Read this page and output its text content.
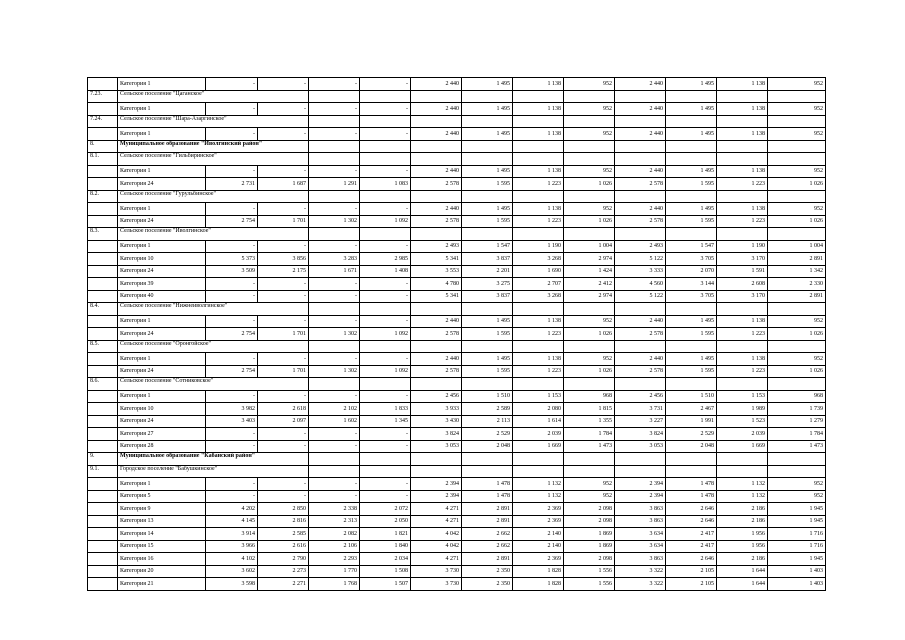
	Категория 1	-	-	-	-	2 440	1 495	1 138	952	2 440	1 495	1 138	952
7.23.	Сельское поселение "Цаганское"												
	Категория 1	-	-	-	-	2 440	1 495	1 138	952	2 440	1 495	1 138	952
7.24.	Сельское поселение "Шара-Азаргинское"												
	Категория 1	-	-	-	-	2 440	1 495	1 138	952	2 440	1 495	1 138	952
8.	Муниципальное образование "Иволгинский район"												
8.1.	Сельское поселение "Гильбиринское"												
	Категория 1	-	-	-	-	2 440	1 495	1 138	952	2 440	1 495	1 138	952
	Категория 24	2 731	1 687	1 291	1 083	2 578	1 595	1 223	1 026	2 578	1 595	1 223	1 026
8.2.	Сельское поселение "Гурульбинское"												
	Категория 1	-	-	-	-	2 440	1 495	1 138	952	2 440	1 495	1 138	952
	Категория 24	2 754	1 701	1 302	1 092	2 578	1 595	1 223	1 026	2 578	1 595	1 223	1 026
8.3.	Сельское поселение "Иволгинское"												
	Категория 1	-	-	-	-	2 493	1 547	1 190	1 004	2 493	1 547	1 190	1 004
	Категория 10	5 373	3 856	3 283	2 985	5 341	3 837	3 268	2 974	5 122	3 705	3 170	2 891
	Категория 24	3 509	2 175	1 671	1 408	3 553	2 201	1 690	1 424	3 333	2 070	1 591	1 342
	Категория 39	-	-	-	-	4 780	3 275	2 707	2 412	4 560	3 144	2 608	2 330
	Категория 40	-	-	-	-	5 341	3 837	3 268	2 974	5 122	3 705	3 170	2 891
8.4.	Сельское поселение "Нижнеиволгинское"												
	Категория 1	-	-	-	-	2 440	1 495	1 138	952	2 440	1 495	1 138	952
	Категория 24	2 754	1 701	1 302	1 092	2 578	1 595	1 223	1 026	2 578	1 595	1 223	1 026
8.5.	Сельское поселение "Оронгойское"												
	Категория 1	-	-	-	-	2 440	1 495	1 138	952	2 440	1 495	1 138	952
	Категория 24	2 754	1 701	1 302	1 092	2 578	1 595	1 223	1 026	2 578	1 595	1 223	1 026
8.6.	Сельское поселение "Сотниковское"												
	Категория 1	-	-	-	-	2 456	1 510	1 153	968	2 456	1 510	1 153	968
	Категория 10	3 982	2 618	2 102	1 833	3 933	2 589	2 080	1 815	3 731	2 467	1 989	1 739
	Категория 24	3 403	2 097	1 602	1 345	3 430	2 113	1 614	1 355	3 227	1 991	1 523	1 279
	Категория 27	-	-	-	-	3 824	2 529	2 039	1 784	3 824	2 529	2 039	1 784
	Категория 28	-	-	-	-	3 053	2 048	1 669	1 473	3 053	2 048	1 669	1 473
9.	Муниципальное образование "Кабанский район"												
9.1.	Городское поселение "Бабушкинское"												
	Категория 1	-	-	-	-	2 394	1 478	1 132	952	2 394	1 478	1 132	952
	Категория 5	-	-	-	-	2 394	1 478	1 132	952	2 394	1 478	1 132	952
	Категория 9	4 202	2 850	2 338	2 072	4 271	2 891	2 369	2 098	3 863	2 646	2 186	1 945
	Категория 13	4 145	2 816	2 313	2 050	4 271	2 891	2 369	2 098	3 863	2 646	2 186	1 945
	Категория 14	3 914	2 585	2 082	1 821	4 042	2 662	2 140	1 869	3 634	2 417	1 956	1 716
	Категория 15	3 966	2 616	2 106	1 840	4 042	2 662	2 140	1 869	3 634	2 417	1 956	1 716
	Категория 16	4 102	2 790	2 293	2 034	4 271	2 891	2 369	2 098	3 863	2 646	2 186	1 945
	Категория 20	3 602	2 273	1 770	1 508	3 730	2 350	1 828	1 556	3 322	2 105	1 644	1 403
	Категория 21	3 598	2 271	1 768	1 507	3 730	2 350	1 828	1 556	3 322	2 105	1 644	1 403
